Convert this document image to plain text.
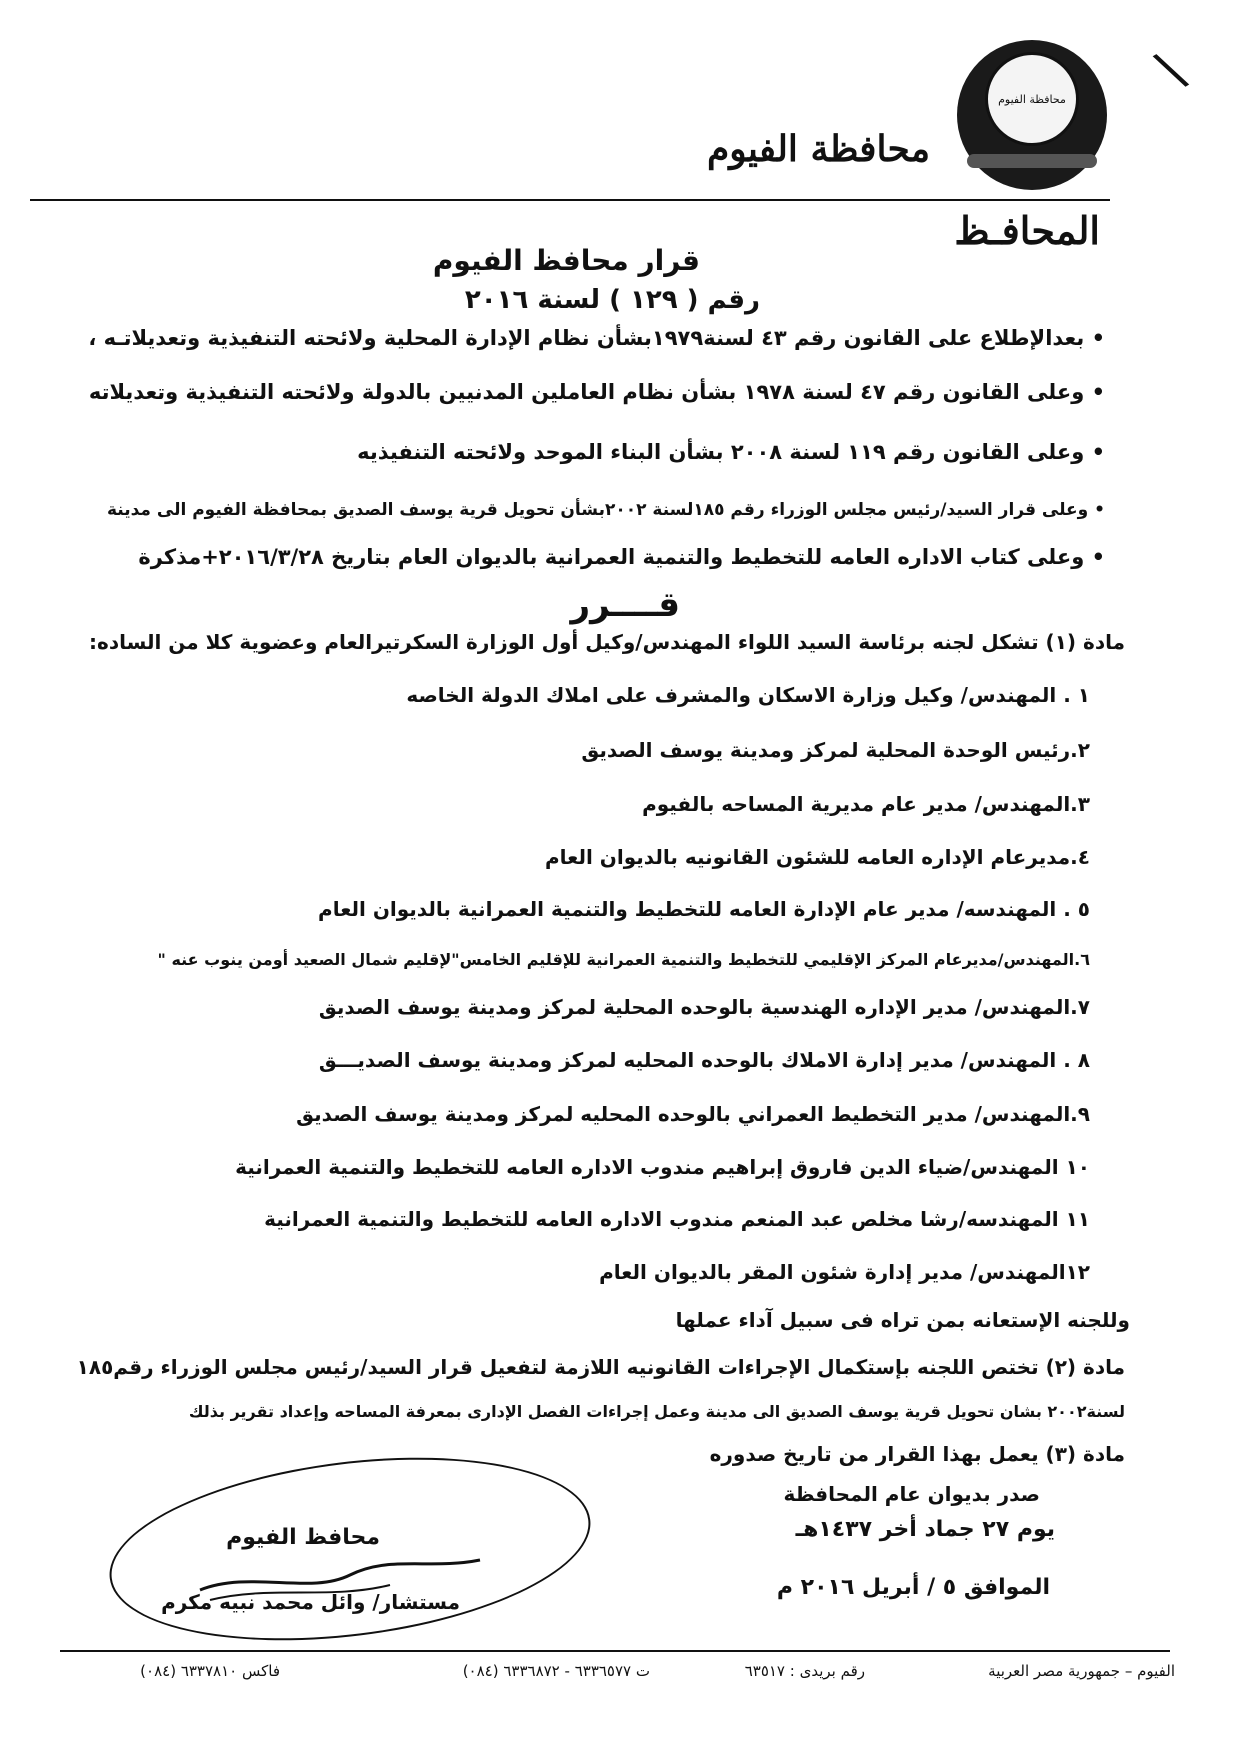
\
محافظة الفيوم
محافظة الفيوم
المحافـظ
قرار محافظ الفيوم
رقم ( ١٢٩ ) لسنة ٢٠١٦
• بعدالإطلاع على القانون رقم ٤٣ لسنة١٩٧٩بشأن نظام الإدارة المحلية ولائحته التنفيذية وتعديلاتـه ،
• وعلى القانون رقم ٤٧ لسنة ١٩٧٨ بشأن نظام العاملين المدنيين بالدولة ولائحته التنفيذية وتعديلاته
• وعلى القانون رقم ١١٩ لسنة ٢٠٠٨ بشأن البناء الموحد ولائحته التنفيذيه
• وعلى قرار السيد/رئيس مجلس الوزراء رقم ١٨٥لسنة ٢٠٠٢بشأن تحويل قرية يوسف الصديق بمحافظة الفيوم الى مدينة
• وعلى كتاب الاداره العامه للتخطيط والتنمية العمرانية بالديوان العام بتاريخ ٢٠١٦/٣/٢٨+مذكرة
قــــرر
مادة (١) تشكل لجنه برئاسة السيد اللواء المهندس/وكيل أول الوزارة السكرتيرالعام وعضوية كلا من الساده:
١ . المهندس/ وكيل وزارة الاسكان والمشرف على املاك الدولة الخاصه
٢.رئيس الوحدة المحلية لمركز ومدينة يوسف الصديق
٣.المهندس/ مدير عام مديرية المساحه بالفيوم
٤.مديرعام الإداره العامه للشئون القانونيه بالديوان العام
٥ . المهندسه/ مدير عام الإدارة العامه للتخطيط والتنمية العمرانية بالديوان العام
٦.المهندس/مديرعام المركز الإقليمي للتخطيط والتنمية العمرانية للإقليم الخامس"لإقليم شمال الصعيد أومن ينوب عنه "
٧.المهندس/ مدير الإداره الهندسية بالوحده المحلية لمركز ومدينة يوسف الصديق
٨ . المهندس/ مدير إدارة الاملاك بالوحده المحليه لمركز ومدينة يوسف الصديـــق
٩.المهندس/ مدير التخطيط العمراني بالوحده المحليه لمركز ومدينة يوسف الصديق
١٠ المهندس/ضياء الدين فاروق إبراهيم مندوب الاداره العامه للتخطيط والتنمية العمرانية
١١ المهندسه/رشا مخلص عبد المنعم مندوب الاداره العامه للتخطيط والتنمية العمرانية
١٢المهندس/ مدير إدارة شئون المقر بالديوان العام
وللجنه الإستعانه بمن تراه فى سبيل آداء عملها
مادة (٢) تختص اللجنه بإستكمال الإجراءات القانونيه اللازمة لتفعيل قرار السيد/رئيس مجلس الوزراء رقم١٨٥
لسنة٢٠٠٢ بشان تحويل قرية يوسف الصديق الى مدينة وعمل إجراءات الفصل الإدارى بمعرفة المساحه وإعداد تقرير بذلك
مادة (٣) يعمل بهذا القرار من تاريخ صدوره
صدر بديوان عام المحافظة
يوم ٢٧ جماد أخر ١٤٣٧هـ
الموافق ٥ / أبريل ٢٠١٦ م
محافظ الفيوم
مستشار/ وائل محمد نبيه مكرم
الفيوم – جمهورية مصر العربية
رقم بريدى : ٦٣٥١٧
ت ٦٣٣٦٥٧٧ - ٦٣٣٦٨٧٢ (٠٨٤)
فاكس ٦٣٣٧٨١٠ (٠٨٤)
